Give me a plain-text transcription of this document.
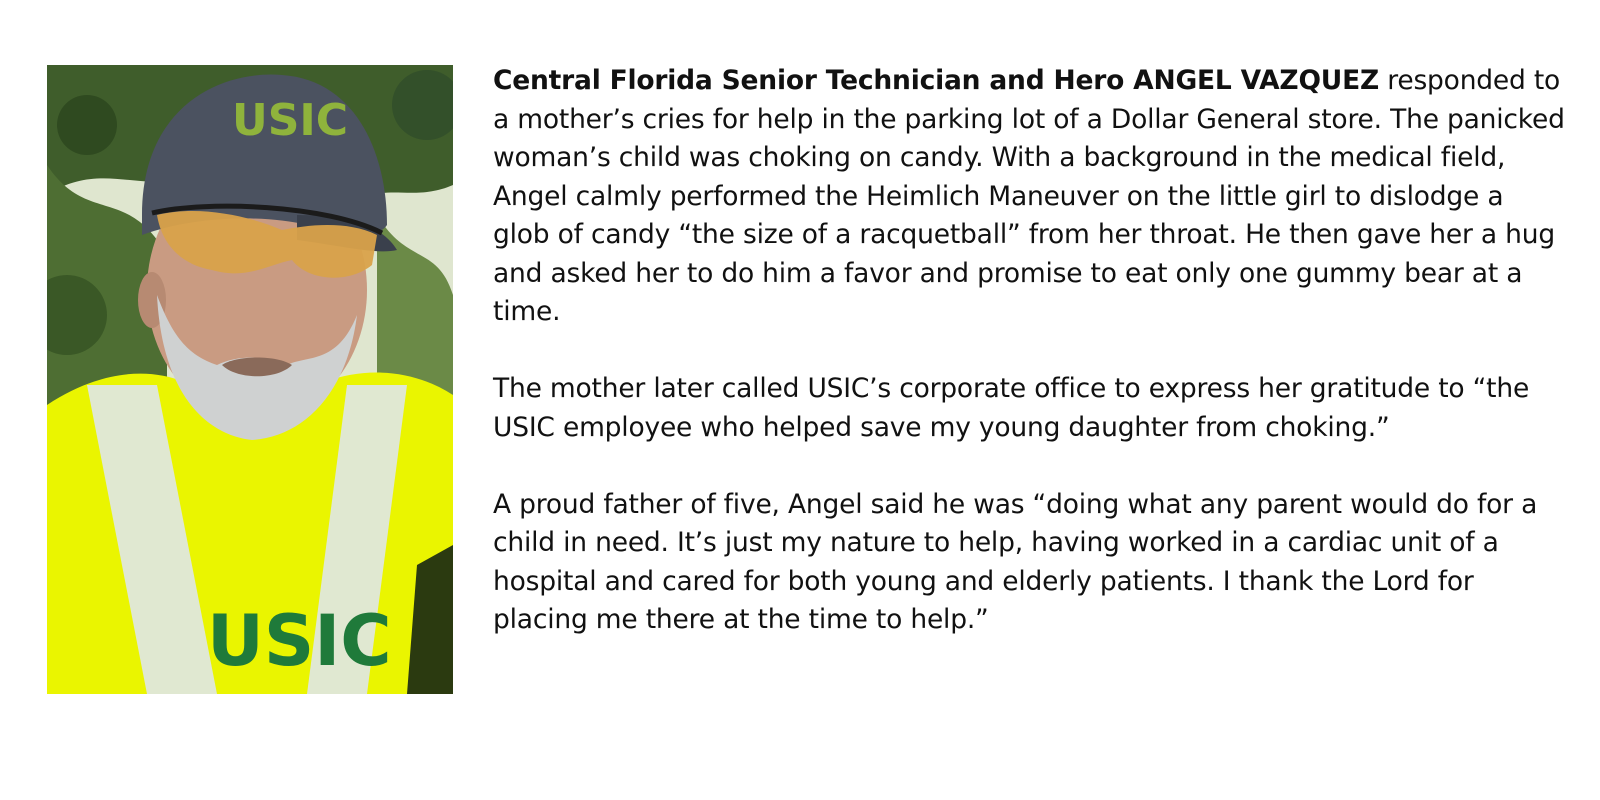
USIC
USIC

Central Florida Senior Technician and Hero ANGEL VAZQUEZ responded to a mother’s cries for help in the parking lot of a Dollar General store. The panicked woman’s child was choking on candy. With a background in the medical field, Angel calmly performed the Heimlich Maneuver on the little girl to dislodge a glob of candy “the size of a racquetball” from her throat. He then gave her a hug and asked her to do him a favor and promise to eat only one gummy bear at a time.

The mother later called USIC’s corporate office to express her gratitude to “the USIC employee who helped save my young daughter from choking.”

A proud father of five, Angel said he was “doing what any parent would do for a child in need. It’s just my nature to help, having worked in a cardiac unit of a hospital and cared for both young and elderly patients. I thank the Lord for placing me there at the time to help.”
